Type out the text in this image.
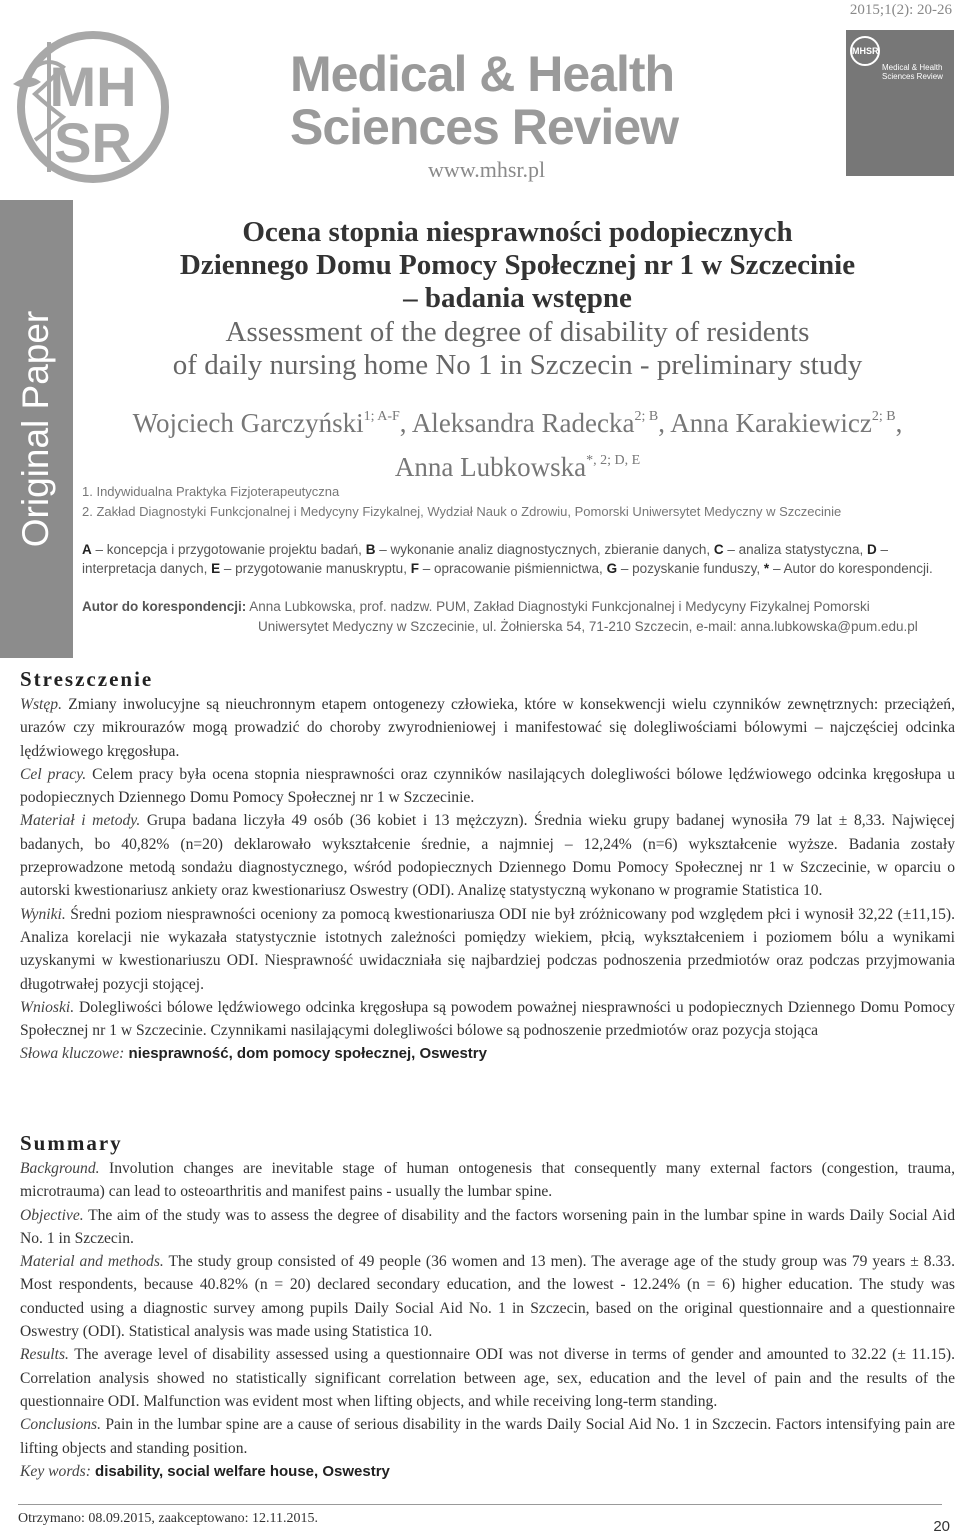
2015;1(2): 20-26
MH
SR
Medical & Health
Sciences Review
www.mhsr.pl
MHSR
Medical & Health
Sciences Review
Original Paper
Ocena stopnia niesprawności podopiecznych
Dziennego Domu Pomocy Społecznej nr 1 w Szczecinie
– badania wstępne
Assessment of the degree of disability of residents
of daily nursing home No 1 in Szczecin - preliminary study
Wojciech Garczyński$^{1; A-F}$, Aleksandra Radecka$^{2; B}$, Anna Karakiewicz$^{2; B}$,
Anna Lubkowska$^{*, 2; D, E}$
1. Indywidualna Praktyka Fizjoterapeutyczna
2. Zakład Diagnostyki Funkcjonalnej i Medycyny Fizykalnej, Wydział Nauk o Zdrowiu, Pomorski Uniwersytet Medyczny w Szczecinie
A – koncepcja i przygotowanie projektu badań, B – wykonanie analiz diagnostycznych, zbieranie danych, C – analiza statystyczna, D – interpretacja danych, E – przygotowanie manuskryptu, F – opracowanie piśmiennictwa, G – pozyskanie funduszy, * – Autor do korespondencji.
Autor do korespondencji: Anna Lubkowska, prof. nadzw. PUM, Zakład Diagnostyki Funkcjonalnej i Medycyny Fizykalnej Pomorski
Uniwersytet Medyczny w Szczecinie, ul. Żołnierska 54, 71-210 Szczecin, e-mail: anna.lubkowska@pum.edu.pl
Streszczenie

Wstęp. Zmiany inwolucyjne są nieuchronnym etapem ontogenezy człowieka, które w konsekwencji wielu czynników zewnętrznych: przeciążeń, urazów czy mikrourazów mogą prowadzić do choroby zwyrodnieniowej i manifestować się dolegliwościami bólowymi – najczęściej odcinka lędźwiowego kręgosłupa.

Cel pracy. Celem pracy była ocena stopnia niesprawności oraz czynników nasilających dolegliwości bólowe lędźwiowego odcinka kręgosłupa u podopiecznych Dziennego Domu Pomocy Społecznej nr 1 w Szczecinie.

Materiał i metody. Grupa badana liczyła 49 osób (36 kobiet i 13 mężczyzn). Średnia wieku grupy badanej wynosiła 79 lat ± 8,33. Najwięcej badanych, bo 40,82% (n=20) deklarowało wykształcenie średnie, a najmniej – 12,24% (n=6) wykształcenie wyższe. Badania zostały przeprowadzone metodą sondażu diagnostycznego, wśród podopiecznych Dziennego Domu Pomocy Społecznej nr 1 w Szczecinie, w oparciu o autorski kwestionariusz ankiety oraz kwestionariusz Oswestry (ODI). Analizę statystyczną wykonano w programie Statistica 10.

Wyniki. Średni poziom niesprawności oceniony za pomocą kwestionariusza ODI nie był zróżnicowany pod względem płci i wynosił 32,22 (±11,15). Analiza korelacji nie wykazała statystycznie istotnych zależności pomiędzy wiekiem, płcią, wykształceniem i poziomem bólu a wynikami uzyskanymi w kwestionariuszu ODI. Niesprawność uwidaczniała się najbardziej podczas podnoszenia przedmiotów oraz podczas przyjmowania długotrwałej pozycji stojącej.

Wnioski. Dolegliwości bólowe lędźwiowego odcinka kręgosłupa są powodem poważnej niesprawności u podopiecznych Dziennego Domu Pomocy Społecznej nr 1 w Szczecinie. Czynnikami nasilającymi dolegliwości bólowe są podnoszenie przedmiotów oraz pozycja stojąca

Słowa kluczowe: niesprawność, dom pomocy społecznej, Oswestry

Summary

Background. Involution changes are inevitable stage of human ontogenesis that consequently many external factors (congestion, trauma, microtrauma) can lead to osteoarthritis and manifest pains - usually the lumbar spine.

Objective. The aim of the study was to assess the degree of disability and the factors worsening pain in the lumbar spine in wards Daily Social Aid No. 1 in Szczecin.

Material and methods. The study group consisted of 49 people (36 women and 13 men). The average age of the study group was 79 years ± 8.33. Most respondents, because 40.82% (n = 20) declared secondary education, and the lowest - 12.24% (n = 6) higher education. The study was conducted using a diagnostic survey among pupils Daily Social Aid No. 1 in Szczecin, based on the original questionnaire and a questionnaire Oswestry (ODI). Statistical analysis was made using Statistica 10.

Results. The average level of disability assessed using a questionnaire ODI was not diverse in terms of gender and amounted to 32.22 (± 11.15). Correlation analysis showed no statistically significant correlation between age, sex, education and the level of pain and the results of the questionnaire ODI. Malfunction was evident most when lifting objects, and while receiving long-term standing.

Conclusions. Pain in the lumbar spine are a cause of serious disability in the wards Daily Social Aid No. 1 in Szczecin. Factors intensifying pain are lifting objects and standing position.

Key words: disability, social welfare house, Oswestry

Otrzymano: 08.09.2015, zaakceptowano: 12.11.2015.	20
